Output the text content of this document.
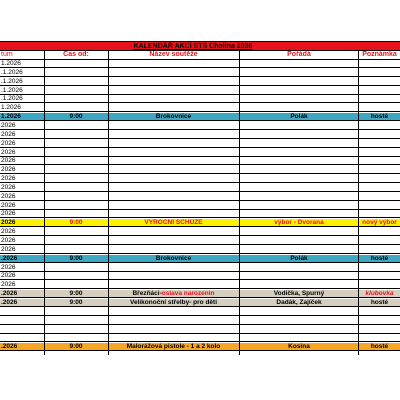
KALENDÁŘ AKCÍ STS Cholina 2026
tum	Čas od:	Název soutěže	Pořádá	Poznámka
1.2026
.1.2026
.1.2026
.1.2026
.1.2026
1.2026
1.2026	9:00	Brokovnice	Polák	hosté
2026
2026
2026
2026
2026
2026
2026
2026
2026
2026
2026
2026	9:00	VÝROČNÍ SCHŮZE	výbor - Dvorana	nový výbor
2026
2026
2026
.2026	9:00	Brokovnice	Polák	hosté
2026
2026
2026
.2026	9:00	Březňáci-oslava narozenin	Vodička, Spurný	klubovka
.2026	9:00	Velikonoční střelby- pro děti	Dadák, Zajíček	hosté
.2026	9:00	Malorážová pistole - 1 a 2 kolo	Kosina	hosté
